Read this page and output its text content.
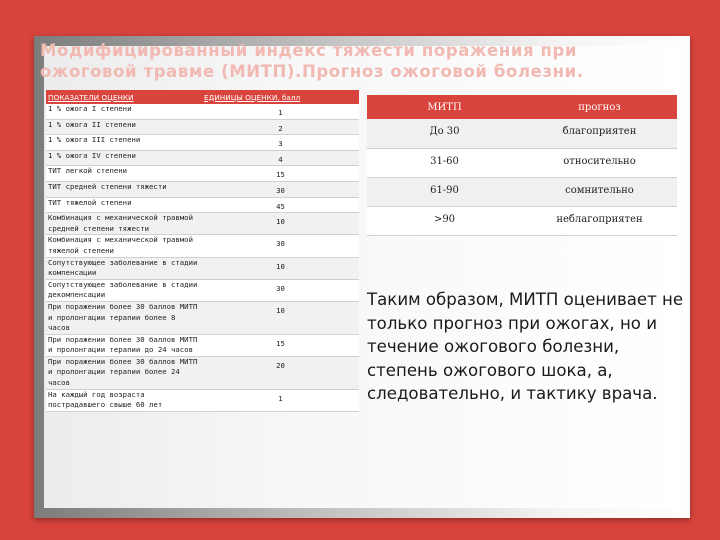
Модифицированный индекс тяжести поражения при ожоговой травме (МИТП).Прогноз ожоговой болезни.
ПОКАЗАТЕЛИ ОЦЕНКИ	ЕДИНИЦЫ ОЦЕНКИ, балл
1 % ожога I степени	1
1 % ожога II степени	2
1 % ожога III степени	3
1 % ожога IV степени	4
ТИТ легкой степени	15
ТИТ средней степени тяжести	30
ТИТ тяжелой степени	45
Комбинация с механической травмой средней степени тяжести	10
Комбинация с механической травмой тяжелой степени	30
Сопутствующее заболевание в стадии компенсации	10
Сопутствующее заболевание в стадии декомпенсации	30
При поражении более 30 баллов МИТП и пролонгации терапии более 8 часов	10
При поражении более 30 баллов МИТП и пролонгации терапии до 24 часов	15
При поражении более 30 баллов МИТП и пролонгации терапии более 24 часов	20
На каждый год возраста пострадавшего свыше 60 лет	1
МИТП	прогноз
До 30	благоприятен
31-60	относительно
61-90	сомнительно
>90	неблагоприятен

Таким образом, МИТП оценивает не только прогноз при ожогах, но и течение ожогового болезни, степень ожогового шока, а, следовательно, и тактику врача.
